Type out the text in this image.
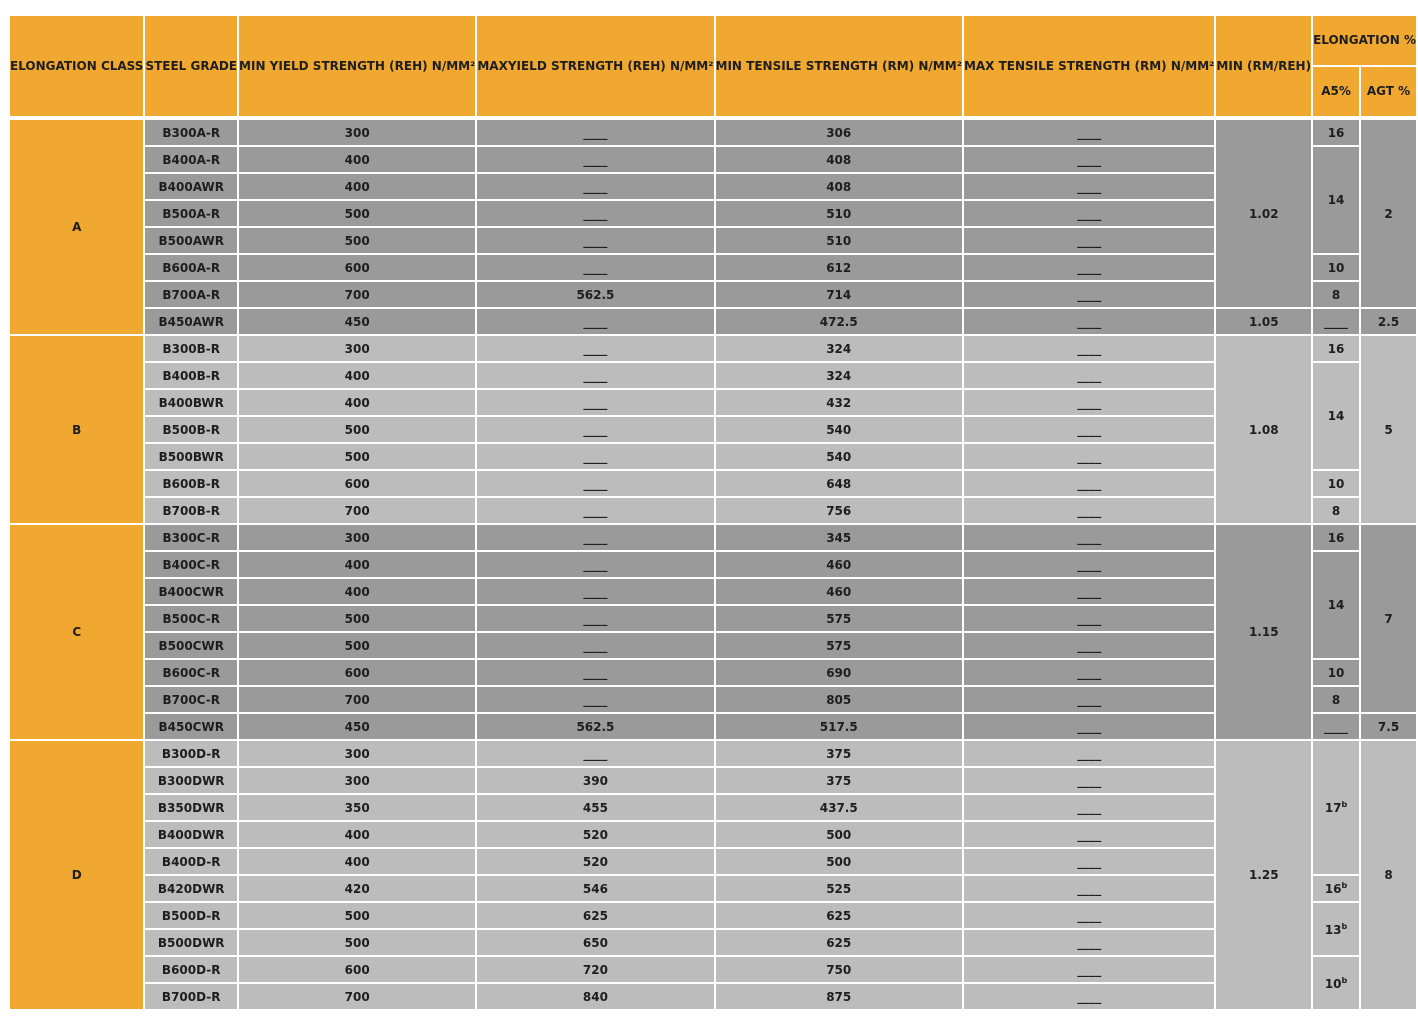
ELONGATION CLASS	STEEL GRADE	MIN YIELD STRENGTH (REH) N/MM²	MAXYIELD STRENGTH (REH) N/MM²	MIN TENSILE STRENGTH (RM) N/MM²	MAX TENSILE STRENGTH (RM) N/MM²	MIN (RM/REH)	ELONGATION %	
							A5%	AGT %

A	B300A-R	300	____	306	____	1.02	16	2
	B400A-R	400	____	408	____		14	
	B400AWR	400	____	408	____			
	B500A-R	500	____	510	____			
	B500AWR	500	____	510	____			
	B600A-R	600	____	612	____		10	
	B700A-R	700	562.5	714	____		8	
	B450AWR	450	____	472.5	____	1.05	____	2.5
B	B300B-R	300	____	324	____	1.08	16	5
	B400B-R	400	____	324	____		14	
	B400BWR	400	____	432	____			
	B500B-R	500	____	540	____			
	B500BWR	500	____	540	____			
	B600B-R	600	____	648	____		10	
	B700B-R	700	____	756	____		8	
C	B300C-R	300	____	345	____	1.15	16	7
	B400C-R	400	____	460	____		14	
	B400CWR	400	____	460	____			
	B500C-R	500	____	575	____			
	B500CWR	500	____	575	____			
	B600C-R	600	____	690	____		10	
	B700C-R	700	____	805	____		8	
	B450CWR	450	562.5	517.5	____		____	7.5
D	B300D-R	300	____	375	____	1.25	17$^b$	8
	B300DWR	300	390	375	____			
	B350DWR	350	455	437.5	____			
	B400DWR	400	520	500	____			
	B400D-R	400	520	500	____			
	B420DWR	420	546	525	____		16$^b$
	B500D-R	500	625	625	____		13$^b$
	B500DWR	500	650	625	____			
	B600D-R	600	720	750	____		10$^b$
	B700D-R	700	840	875	____			
